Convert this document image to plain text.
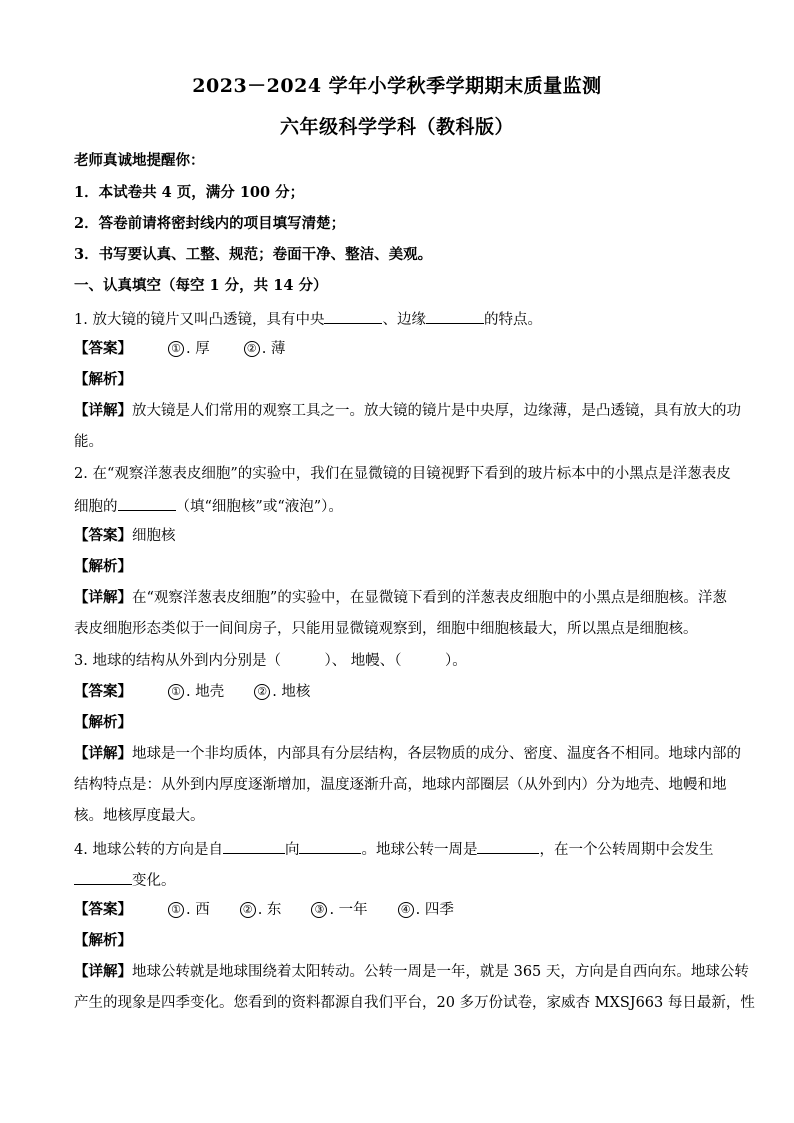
2023－2024 学年小学秋季学期期末质量监测
六年级科学学科（教科版）
老师真诚地提醒你：
1．本试卷共 4 页，满分 100 分；
2．答卷前请将密封线内的项目填写清楚；
3．书写要认真、工整、规范；卷面干净、整洁、美观。
一、认真填空（每空 1 分，共 14 分）
1. 放大镜的镜片又叫凸透镜，具有中央	、边缘	的特点。
【答案】	① . 厚	② . 薄
【解析】
【详解】放大镜是人们常用的观察工具之一。放大镜的镜片是中央厚，边缘薄，是凸透镜，具有放大的功
能。
2. 在“观察洋葱表皮细胞”的实验中，我们在显微镜的目镜视野下看到的玻片标本中的小黑点是洋葱表皮
细胞的	（填“细胞核”或“液泡”）。
【答案】细胞核
【解析】
【详解】在“观察洋葱表皮细胞”的实验中，在显微镜下看到的洋葱表皮细胞中的小黑点是细胞核。洋葱
表皮细胞形态类似于一间间房子，只能用显微镜观察到，细胞中细胞核最大，所以黑点是细胞核。
3. 地球的结构从外到内分别是（　　　）、 地幔、（　　　）。
【答案】	① . 地壳	② . 地核
【解析】
【详解】地球是一个非均质体，内部具有分层结构，各层物质的成分、密度、温度各不相同。地球内部的
结构特点是：从外到内厚度逐渐增加，温度逐渐升高，地球内部圈层（从外到内）分为地壳、地幔和地
核。地核厚度最大。
4. 地球公转的方向是自	向	。地球公转一周是	，在一个公转周期中会发生
变化。
【答案】	① . 西	② . 东	③ . 一年	④ . 四季
【解析】
【详解】地球公转就是地球围绕着太阳转动。公转一周是一年，就是 365 天，方向是自西向东。地球公转
产生的现象是四季变化。您看到的资料都源自我们平台，20 多万份试卷，家威杏 MXSJ663 每日最新，性
